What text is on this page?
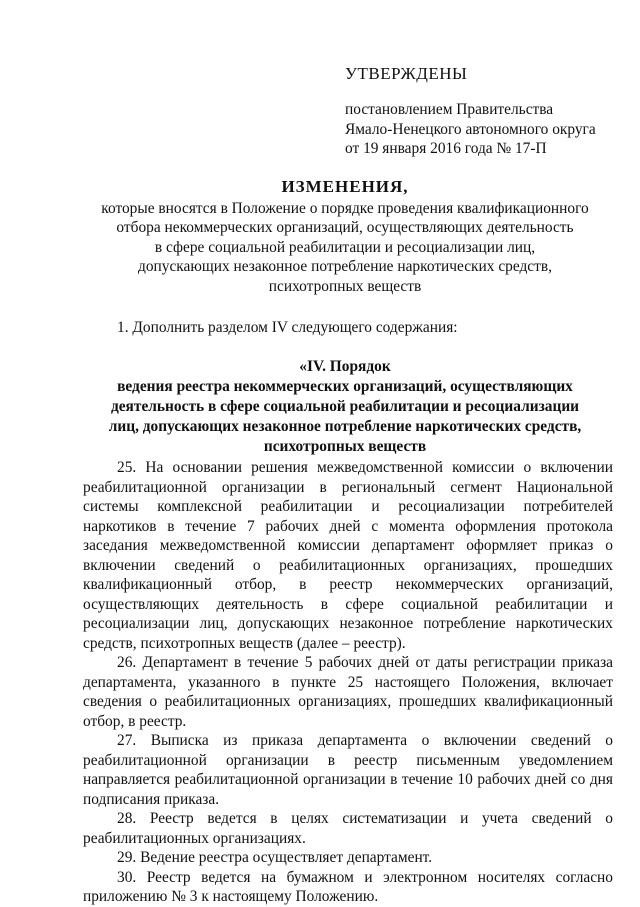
УТВЕРЖДЕНЫ
постановлением Правительства
Ямало-Ненецкого автономного округа
от 19 января 2016 года № 17-П
ИЗМЕНЕНИЯ,
которые вносятся в Положение о порядке проведения квалификационного
отбора некоммерческих организаций, осуществляющих деятельность
в сфере социальной реабилитации и ресоциализации лиц,
допускающих незаконное потребление наркотических средств,
психотропных веществ
1. Дополнить разделом IV следующего содержания:
«IV. Порядок
ведения реестра некоммерческих организаций, осуществляющих
деятельность в сфере социальной реабилитации и ресоциализации
лиц, допускающих незаконное потребление наркотических средств,
психотропных веществ

25. На основании решения межведомственной комиссии о включении реабилитационной организации в региональный сегмент Национальной системы комплексной реабилитации и ресоциализации потребителей наркотиков в течение 7 рабочих дней с момента оформления протокола заседания межведомственной комиссии департамент оформляет приказ о включении сведений о реабилитационных организациях, прошедших квалификационный отбор, в реестр некоммерческих организаций, осуществляющих деятельность в сфере социальной реабилитации и ресоциализации лиц, допускающих незаконное потребление наркотических средств, психотропных веществ (далее – реестр).

26. Департамент в течение 5 рабочих дней от даты регистрации приказа департамента, указанного в пункте 25 настоящего Положения, включает сведения о реабилитационных организациях, прошедших квалификационный отбор, в реестр.

27. Выписка из приказа департамента о включении сведений о реабилитационной организации в реестр письменным уведомлением направляется реабилитационной организации в течение 10 рабочих дней со дня подписания приказа.

28. Реестр ведется в целях систематизации и учета сведений о реабилитационных организациях.

29. Ведение реестра осуществляет департамент.

30. Реестр ведется на бумажном и электронном носителях согласно приложению № 3 к настоящему Положению.
